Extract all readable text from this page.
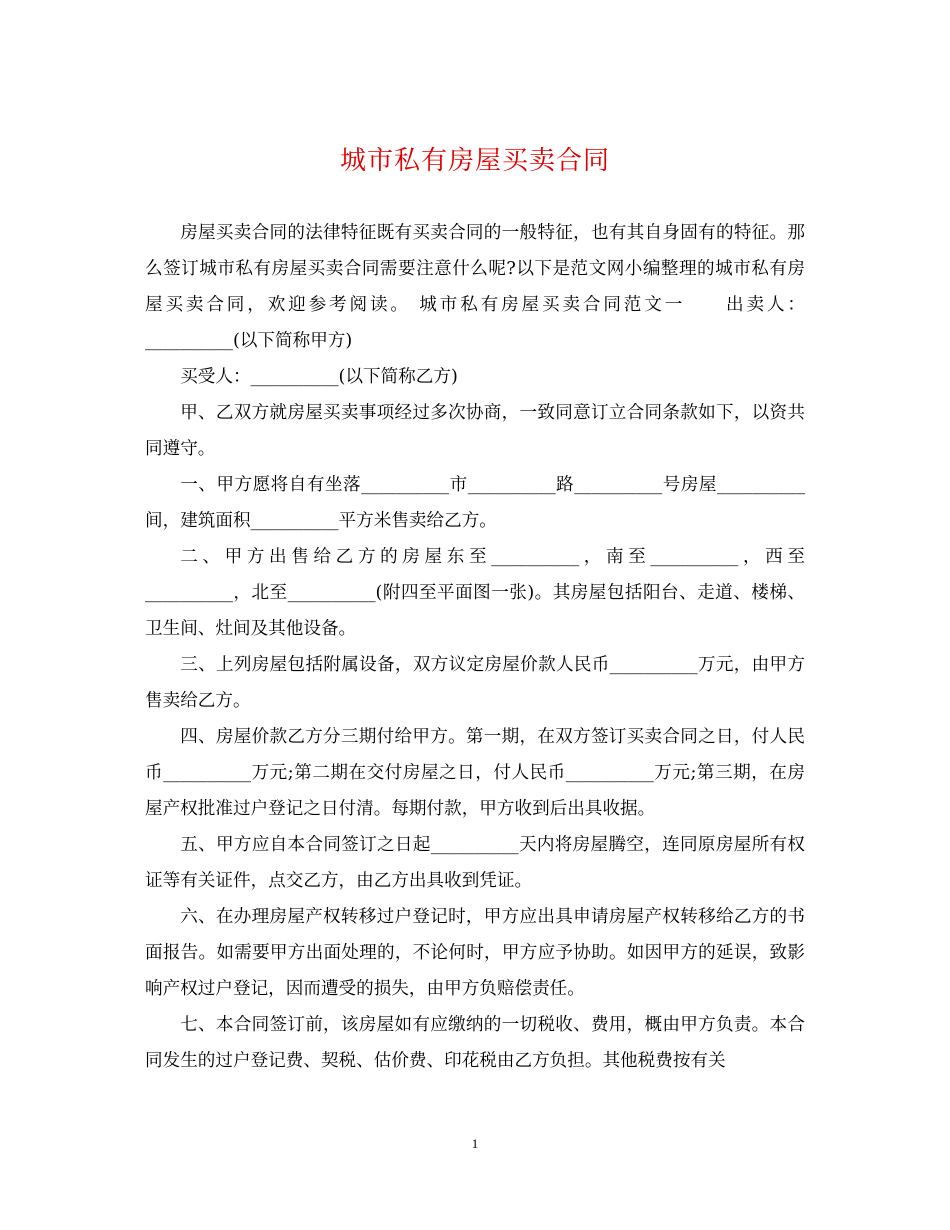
城市私有房屋买卖合同

房屋买卖合同的法律特征既有买卖合同的一般特征，也有其自身固有的特征。那么签订城市私有房屋买卖合同需要注意什么呢?以下是范文网小编整理的城市私有房屋买卖合同，欢迎参考阅读。 城市私有房屋买卖合同范文一　　出卖人：__________(以下简称甲方)

买受人：__________(以下简称乙方)

甲、乙双方就房屋买卖事项经过多次协商，一致同意订立合同条款如下，以资共同遵守。

一、甲方愿将自有坐落__________市__________路__________号房屋__________间，建筑面积__________平方米售卖给乙方。

二、甲方出售给乙方的房屋东至__________，南至__________，西至__________，北至__________(附四至平面图一张)。其房屋包括阳台、走道、楼梯、卫生间、灶间及其他设备。

三、上列房屋包括附属设备，双方议定房屋价款人民币__________万元，由甲方售卖给乙方。

四、房屋价款乙方分三期付给甲方。第一期，在双方签订买卖合同之日，付人民币__________万元;第二期在交付房屋之日，付人民币__________万元;第三期，在房屋产权批准过户登记之日付清。每期付款，甲方收到后出具收据。

五、甲方应自本合同签订之日起__________天内将房屋腾空，连同原房屋所有权证等有关证件，点交乙方，由乙方出具收到凭证。

六、在办理房屋产权转移过户登记时，甲方应出具申请房屋产权转移给乙方的书面报告。如需要甲方出面处理的，不论何时，甲方应予协助。如因甲方的延误，致影响产权过户登记，因而遭受的损失，由甲方负赔偿责任。

七、本合同签订前，该房屋如有应缴纳的一切税收、费用，概由甲方负责。本合同发生的过户登记费、契税、估价费、印花税由乙方负担。其他税费按有关

1
